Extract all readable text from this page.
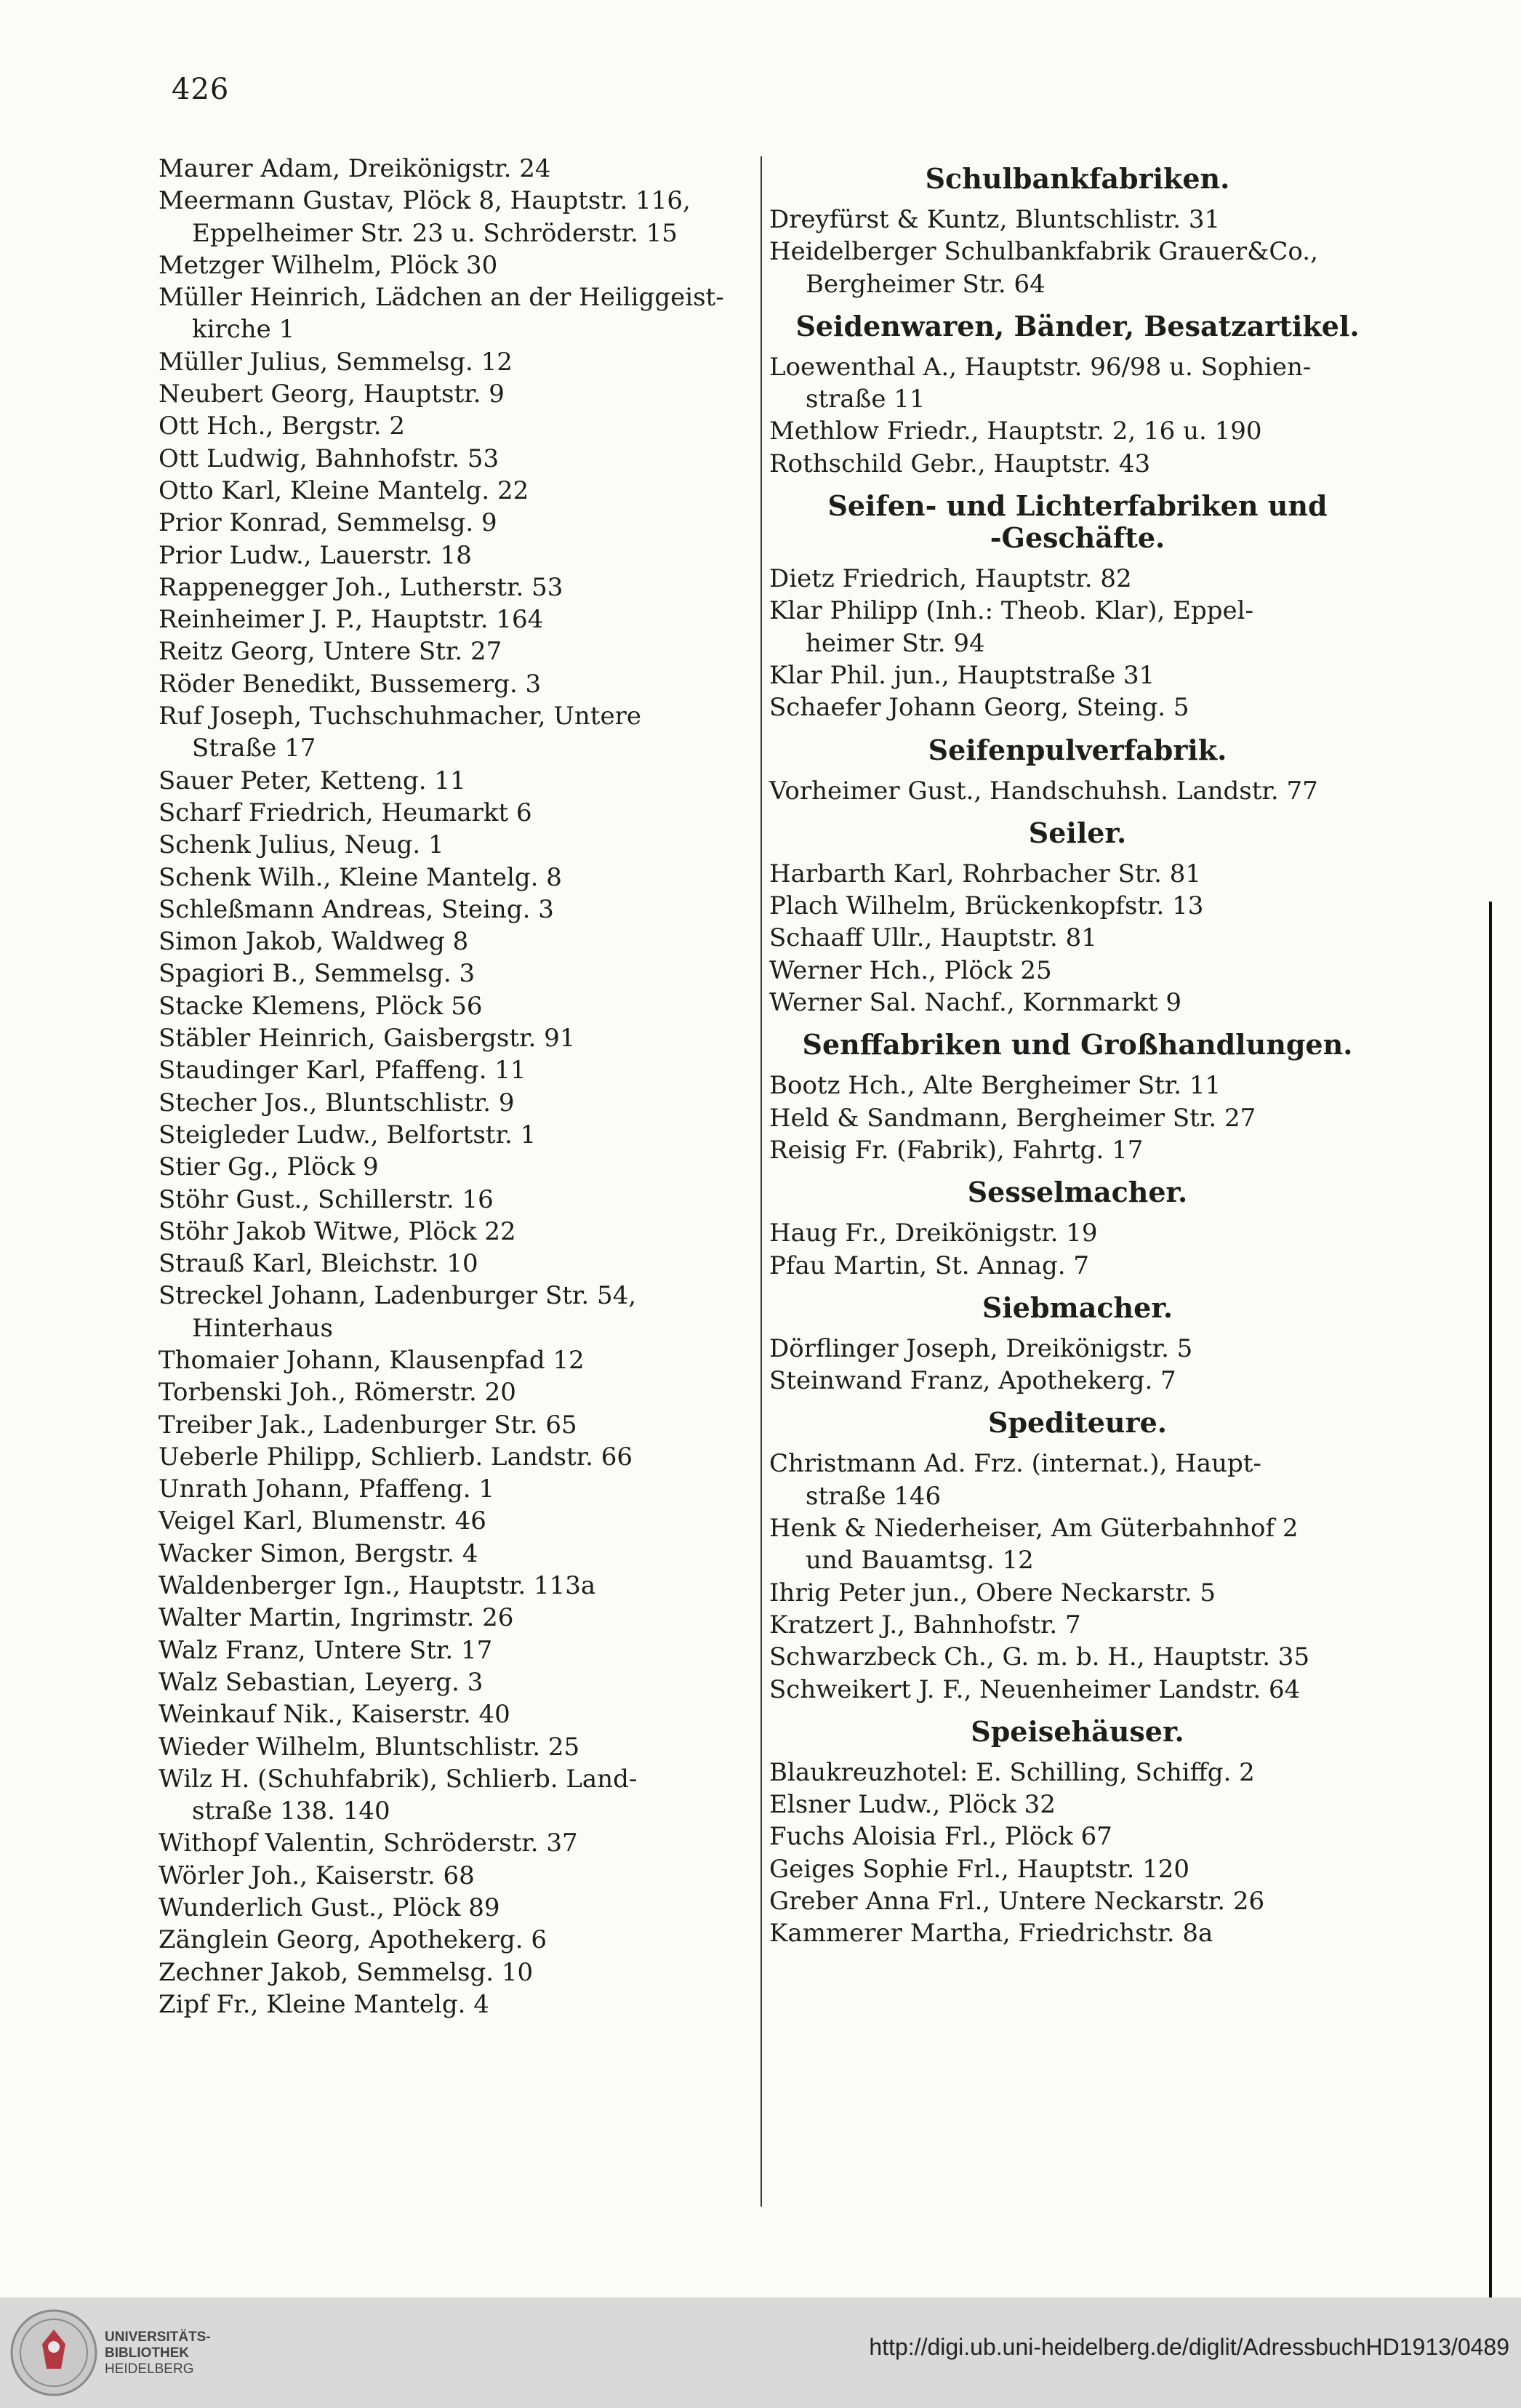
426
Maurer Adam, Dreikönigstr. 24
Meermann Gustav, Plöck 8, Hauptstr. 116,
Eppelheimer Str. 23 u. Schröderstr. 15
Metzger Wilhelm, Plöck 30
Müller Heinrich, Lädchen an der Heiliggeist-
kirche 1
Müller Julius, Semmelsg. 12
Neubert Georg, Hauptstr. 9
Ott Hch., Bergstr. 2
Ott Ludwig, Bahnhofstr. 53
Otto Karl, Kleine Mantelg. 22
Prior Konrad, Semmelsg. 9
Prior Ludw., Lauerstr. 18
Rappenegger Joh., Lutherstr. 53
Reinheimer J. P., Hauptstr. 164
Reitz Georg, Untere Str. 27
Röder Benedikt, Bussemerg. 3
Ruf Joseph, Tuchschuhmacher, Untere
Straße 17
Sauer Peter, Ketteng. 11
Scharf Friedrich, Heumarkt 6
Schenk Julius, Neug. 1
Schenk Wilh., Kleine Mantelg. 8
Schleßmann Andreas, Steing. 3
Simon Jakob, Waldweg 8
Spagiori B., Semmelsg. 3
Stacke Klemens, Plöck 56
Stäbler Heinrich, Gaisbergstr. 91
Staudinger Karl, Pfaffeng. 11
Stecher Jos., Bluntschlistr. 9
Steigleder Ludw., Belfortstr. 1
Stier Gg., Plöck 9
Stöhr Gust., Schillerstr. 16
Stöhr Jakob Witwe, Plöck 22
Strauß Karl, Bleichstr. 10
Streckel Johann, Ladenburger Str. 54,
Hinterhaus
Thomaier Johann, Klausenpfad 12
Torbenski Joh., Römerstr. 20
Treiber Jak., Ladenburger Str. 65
Ueberle Philipp, Schlierb. Landstr. 66
Unrath Johann, Pfaffeng. 1
Veigel Karl, Blumenstr. 46
Wacker Simon, Bergstr. 4
Waldenberger Ign., Hauptstr. 113a
Walter Martin, Ingrimstr. 26
Walz Franz, Untere Str. 17
Walz Sebastian, Leyerg. 3
Weinkauf Nik., Kaiserstr. 40
Wieder Wilhelm, Bluntschlistr. 25
Wilz H. (Schuhfabrik), Schlierb. Land-
straße 138. 140
Withopf Valentin, Schröderstr. 37
Wörler Joh., Kaiserstr. 68
Wunderlich Gust., Plöck 89
Zänglein Georg, Apothekerg. 6
Zechner Jakob, Semmelsg. 10
Zipf Fr., Kleine Mantelg. 4
Schulbankfabriken.
Dreyfürst & Kuntz, Bluntschlistr. 31
Heidelberger Schulbankfabrik Grauer&Co.,
Bergheimer Str. 64
Seidenwaren, Bänder, Besatzartikel.
Loewenthal A., Hauptstr. 96/98 u. Sophien-
straße 11
Methlow Friedr., Hauptstr. 2, 16 u. 190
Rothschild Gebr., Hauptstr. 43
Seifen- und Lichterfabriken und
-Geschäfte.
Dietz Friedrich, Hauptstr. 82
Klar Philipp (Inh.: Theob. Klar), Eppel-
heimer Str. 94
Klar Phil. jun., Hauptstraße 31
Schaefer Johann Georg, Steing. 5
Seifenpulverfabrik.
Vorheimer Gust., Handschuhsh. Landstr. 77
Seiler.
Harbarth Karl, Rohrbacher Str. 81
Plach Wilhelm, Brückenkopfstr. 13
Schaaff Ullr., Hauptstr. 81
Werner Hch., Plöck 25
Werner Sal. Nachf., Kornmarkt 9
Senffabriken und Großhandlungen.
Bootz Hch., Alte Bergheimer Str. 11
Held & Sandmann, Bergheimer Str. 27
Reisig Fr. (Fabrik), Fahrtg. 17
Sesselmacher.
Haug Fr., Dreikönigstr. 19
Pfau Martin, St. Annag. 7
Siebmacher.
Dörflinger Joseph, Dreikönigstr. 5
Steinwand Franz, Apothekerg. 7
Spediteure.
Christmann Ad. Frz. (internat.), Haupt-
straße 146
Henk & Niederheiser, Am Güterbahnhof 2
und Bauamtsg. 12
Ihrig Peter jun., Obere Neckarstr. 5
Kratzert J., Bahnhofstr. 7
Schwarzbeck Ch., G. m. b. H., Hauptstr. 35
Schweikert J. F., Neuenheimer Landstr. 64
Speisehäuser.
Blaukreuzhotel: E. Schilling, Schiffg. 2
Elsner Ludw., Plöck 32
Fuchs Aloisia Frl., Plöck 67
Geiges Sophie Frl., Hauptstr. 120
Greber Anna Frl., Untere Neckarstr. 26
Kammerer Martha, Friedrichstr. 8a
UNIVERSITÄTS-
BIBLIOTHEK
HEIDELBERG
http://digi.ub.uni-heidelberg.de/diglit/AdressbuchHD1913/0489
